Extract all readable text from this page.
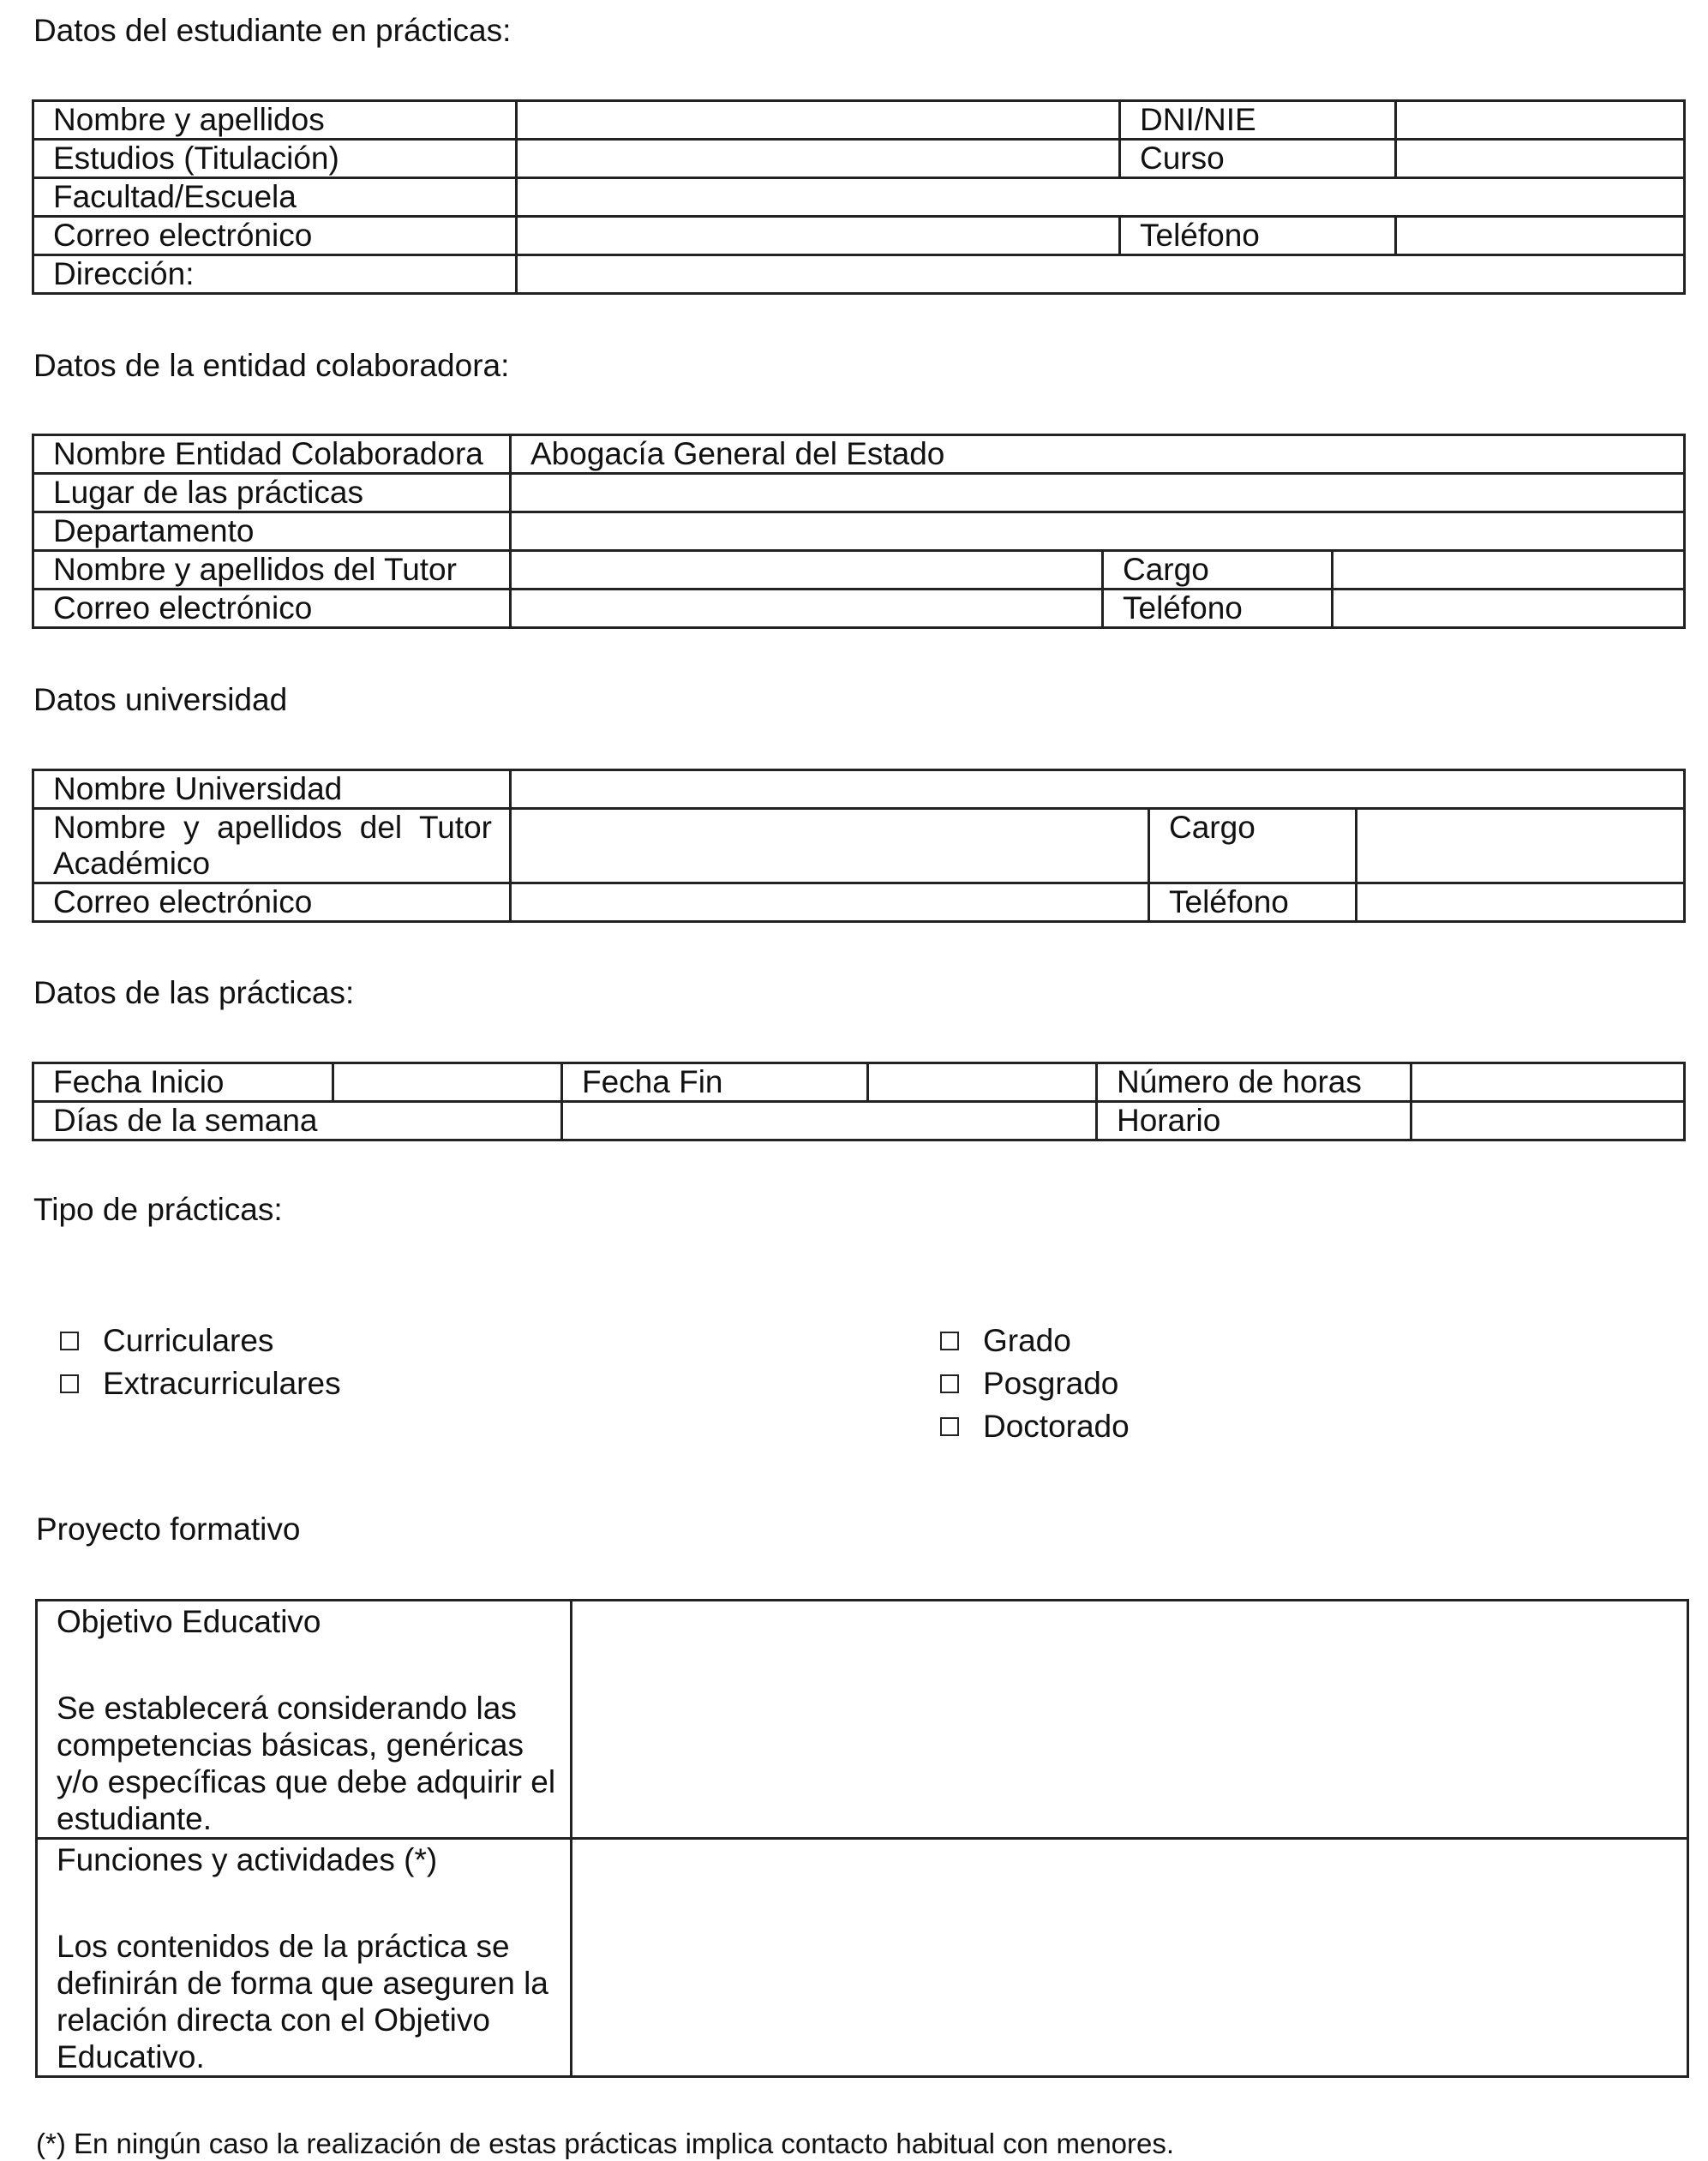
Datos del estudiante en prácticas:
Nombre y apellidos		DNI/NIE	
Estudios (Titulación)		Curso	
Facultad/Escuela			
Correo electrónico		Teléfono	
Dirección:			
Datos de la entidad colaboradora:
Nombre Entidad Colaboradora	Abogacía General del Estado		
Lugar de las prácticas			
Departamento			
Nombre y apellidos del Tutor		Cargo	
Correo electrónico		Teléfono	
Datos universidad
Nombre Universidad			
Nombre y apellidos del Tutor Académico		Cargo	
Correo electrónico		Teléfono	
Datos de las prácticas:
Fecha Inicio		Fecha Fin		Número de horas	
Días de la semana				Horario	
Tipo de prácticas:
Curriculares
Extracurriculares
Grado
Posgrado
Doctorado
Proyecto formativo
Objetivo Educativo
Se establecerá considerando las competencias básicas, genéricas y/o específicas que debe adquirir el estudiante.	

Funciones y actividades (*)
Los contenidos de la práctica se definirán de forma que aseguren la relación directa con el Objetivo Educativo.	

(*) En ningún caso la realización de estas prácticas implica contacto habitual con menores.
